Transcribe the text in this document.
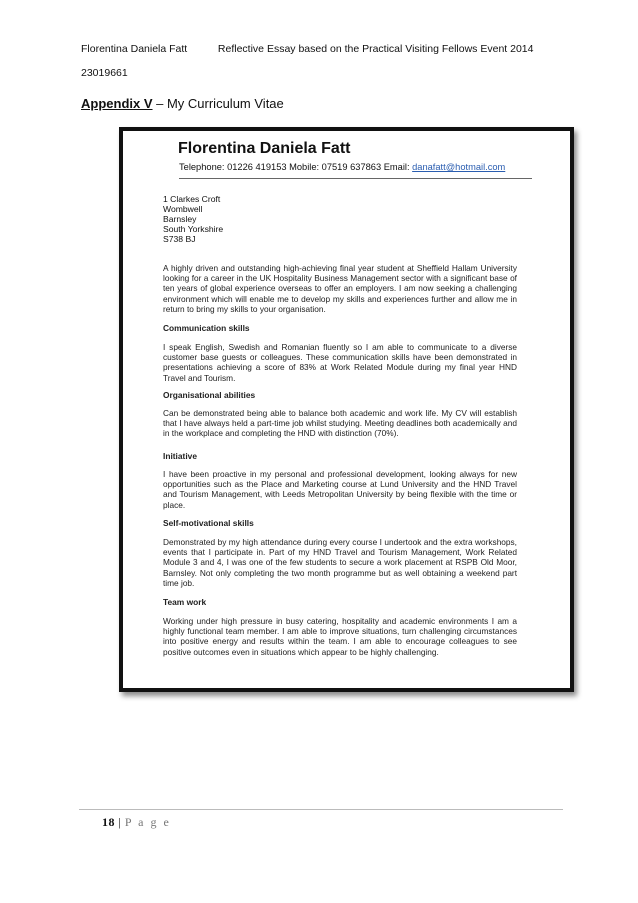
Florentina Daniela Fatt	Reflective Essay based on the Practical Visiting Fellows Event 2014
23019661
Appendix V – My Curriculum Vitae
Florentina Daniela Fatt
Telephone: 01226 419153 Mobile: 07519 637863 Email: danafatt@hotmail.com
1 Clarkes Croft
Wombwell
Barnsley
South Yorkshire
S738 BJ
A highly driven and outstanding high-achieving final year student at Sheffield Hallam University looking for a career in the UK Hospitality Business Management sector with a significant base of ten years of global experience overseas to offer an employers. I am now seeking a challenging environment which will enable me to develop my skills and experiences further and allow me in return to bring my skills to your organisation.
Communication skills
I speak English, Swedish and Romanian fluently so I am able to communicate to a diverse customer base guests or colleagues. These communication skills have been demonstrated in presentations achieving a score of 83% at Work Related Module during my final year HND Travel and Tourism.
Organisational abilities
Can be demonstrated being able to balance both academic and work life. My CV will establish that I have always held a part-time job whilst studying. Meeting deadlines both academically and in the workplace and completing the HND with distinction (70%).
Initiative
I have been proactive in my personal and professional development, looking always for new opportunities such as the Place and Marketing course at Lund University and the HND Travel and Tourism Management, with Leeds Metropolitan University by being flexible with the time or place.
Self-motivational skills
Demonstrated by my high attendance during every course I undertook and the extra workshops, events that I participate in. Part of my HND Travel and Tourism Management, Work Related Module 3 and 4, I was one of the few students to secure a work placement at RSPB Old Moor, Barnsley. Not only completing the two month programme but as well obtaining a weekend part time job.
Team work
Working under high pressure in busy catering, hospitality and academic environments I am a highly functional team member. I am able to improve situations, turn challenging circumstances into positive energy and results within the team. I am able to encourage colleagues to see positive outcomes even in situations which appear to be highly challenging.
18 | P a g e
